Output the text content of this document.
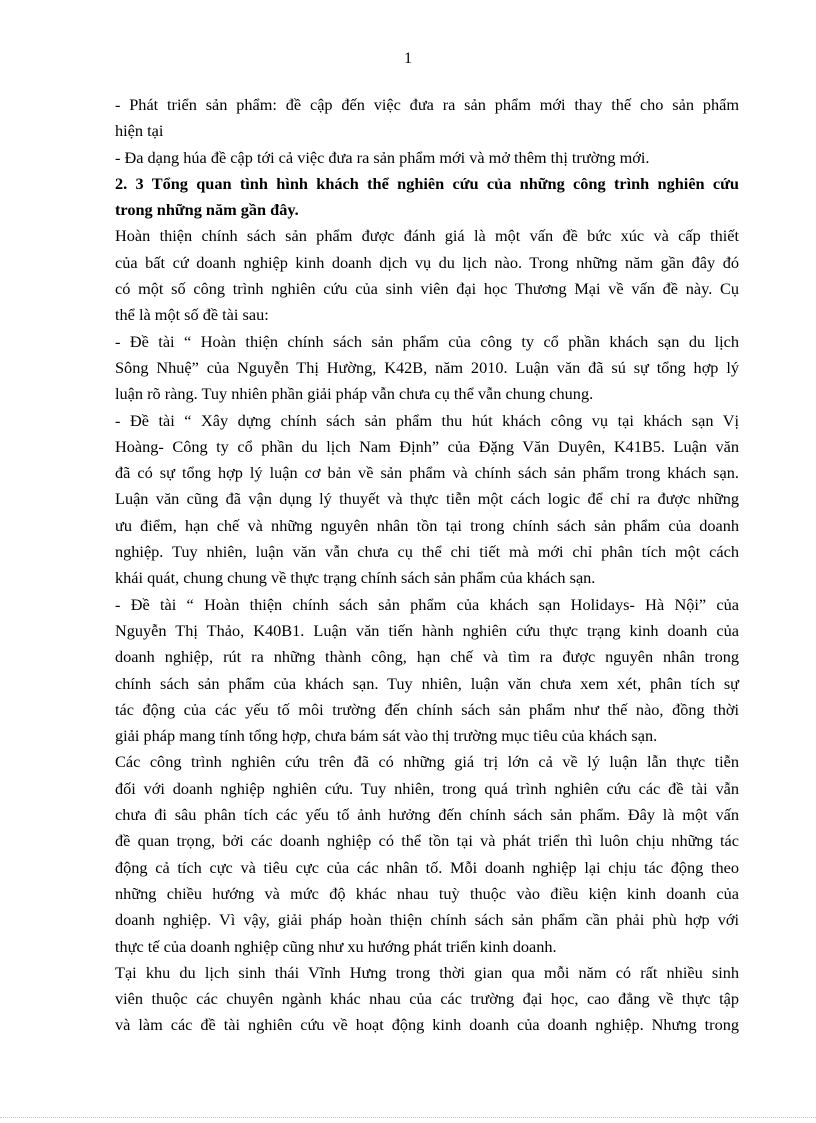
1
- Phát triển sản phẩm: đề cập đến việc đưa ra sản phẩm mới thay thế cho sản phẩm
hiện tại
- Đa dạng húa đề cập tới cả việc đưa ra sản phẩm mới và mở thêm thị trường mới.
2. 3 Tổng quan tình hình khách thể nghiên cứu của những công trình nghiên cứu
trong những năm gần đây.
Hoàn thiện chính sách sản phẩm được đánh giá là một vấn đề bức xúc và cấp thiết
của bất cứ doanh nghiệp kinh doanh dịch vụ du lịch nào. Trong những năm gần đây đó
có một số công trình nghiên cứu của sinh viên đại học Thương Mại về vấn đề này. Cụ
thể là một số đề tài sau:
- Đề tài “ Hoàn thiện chính sách sản phẩm của công ty cổ phần khách sạn du lịch
Sông Nhuệ” của Nguyễn Thị Hường, K42B, năm 2010. Luận văn đã sú sự tổng hợp lý
luận rõ ràng. Tuy nhiên phần giải pháp vẫn chưa cụ thể vẫn chung chung.
- Đề tài “ Xây dựng chính sách sản phẩm thu hút khách công vụ tại khách sạn Vị
Hoàng- Công ty cổ phần du lịch Nam Định” của Đặng Văn Duyên, K41B5. Luận văn
đã có sự tổng hợp lý luận cơ bản về sản phẩm và chính sách sản phẩm trong khách sạn.
Luận văn cũng đã vận dụng lý thuyết và thực tiễn một cách logic để chỉ ra được những
ưu điểm, hạn chế và những nguyên nhân tồn tại trong chính sách sản phẩm của doanh
nghiệp. Tuy nhiên, luận văn vẫn chưa cụ thể chi tiết mà mới chỉ phân tích một cách
khái quát, chung chung về thực trạng chính sách sản phẩm của khách sạn.
- Đề tài “ Hoàn thiện chính sách sản phẩm của khách sạn Holidays- Hà Nội” của
Nguyễn Thị Thảo, K40B1. Luận văn tiến hành nghiên cứu thực trạng kinh doanh của
doanh nghiệp, rút ra những thành công, hạn chế và tìm ra được nguyên nhân trong
chính sách sản phẩm của khách sạn. Tuy nhiên, luận văn chưa xem xét, phân tích sự
tác động của các yếu tố môi trường đến chính sách sản phẩm như thế nào, đồng thời
giải pháp mang tính tổng hợp, chưa bám sát vào thị trường mục tiêu của khách sạn.
Các công trình nghiên cứu trên đã có những giá trị lớn cả về lý luận lẫn thực tiễn
đối với doanh nghiệp nghiên cứu. Tuy nhiên, trong quá trình nghiên cứu các đề tài vẫn
chưa đi sâu phân tích các yếu tố ảnh hưởng đến chính sách sản phẩm. Đây là một vấn
đề quan trọng, bởi các doanh nghiệp có thể tồn tại và phát triển thì luôn chịu những tác
động cả tích cực và tiêu cực của các nhân tố. Mỗi doanh nghiệp lại chịu tác động theo
những chiều hướng và mức độ khác nhau tuỳ thuộc vào điều kiện kinh doanh của
doanh nghiệp. Vì vậy, giải pháp hoàn thiện chính sách sản phẩm cần phải phù hợp với
thực tế của doanh nghiệp cũng như xu hướng phát triển kinh doanh.
Tại khu du lịch sinh thái Vĩnh Hưng trong thời gian qua mỗi năm có rất nhiều sinh
viên thuộc các chuyên ngành khác nhau của các trường đại học, cao đẳng về thực tập
và làm các đề tài nghiên cứu về hoạt động kinh doanh của doanh nghiệp. Nhưng trong
